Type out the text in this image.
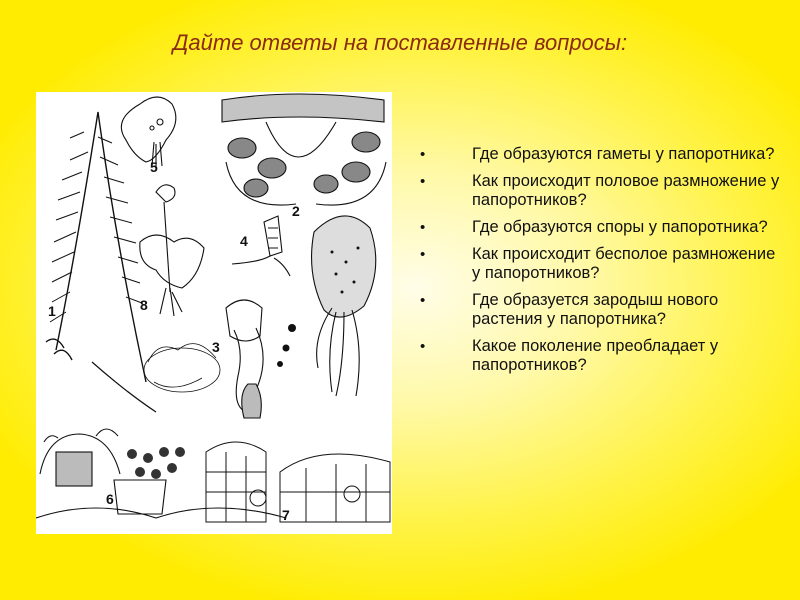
Дайте ответы на поставленные вопросы:
1
5
2
8
4
3
6
7
•	Где образуются гаметы у папоротника?
•	Как происходит половое размножение у папоротников?
•	Где образуются споры у папоротника?
•	Как происходит бесполое размножение у папоротников?
•	Где образуется зародыш нового растения у папоротника?
•	Какое поколение преобладает у папоротников?
